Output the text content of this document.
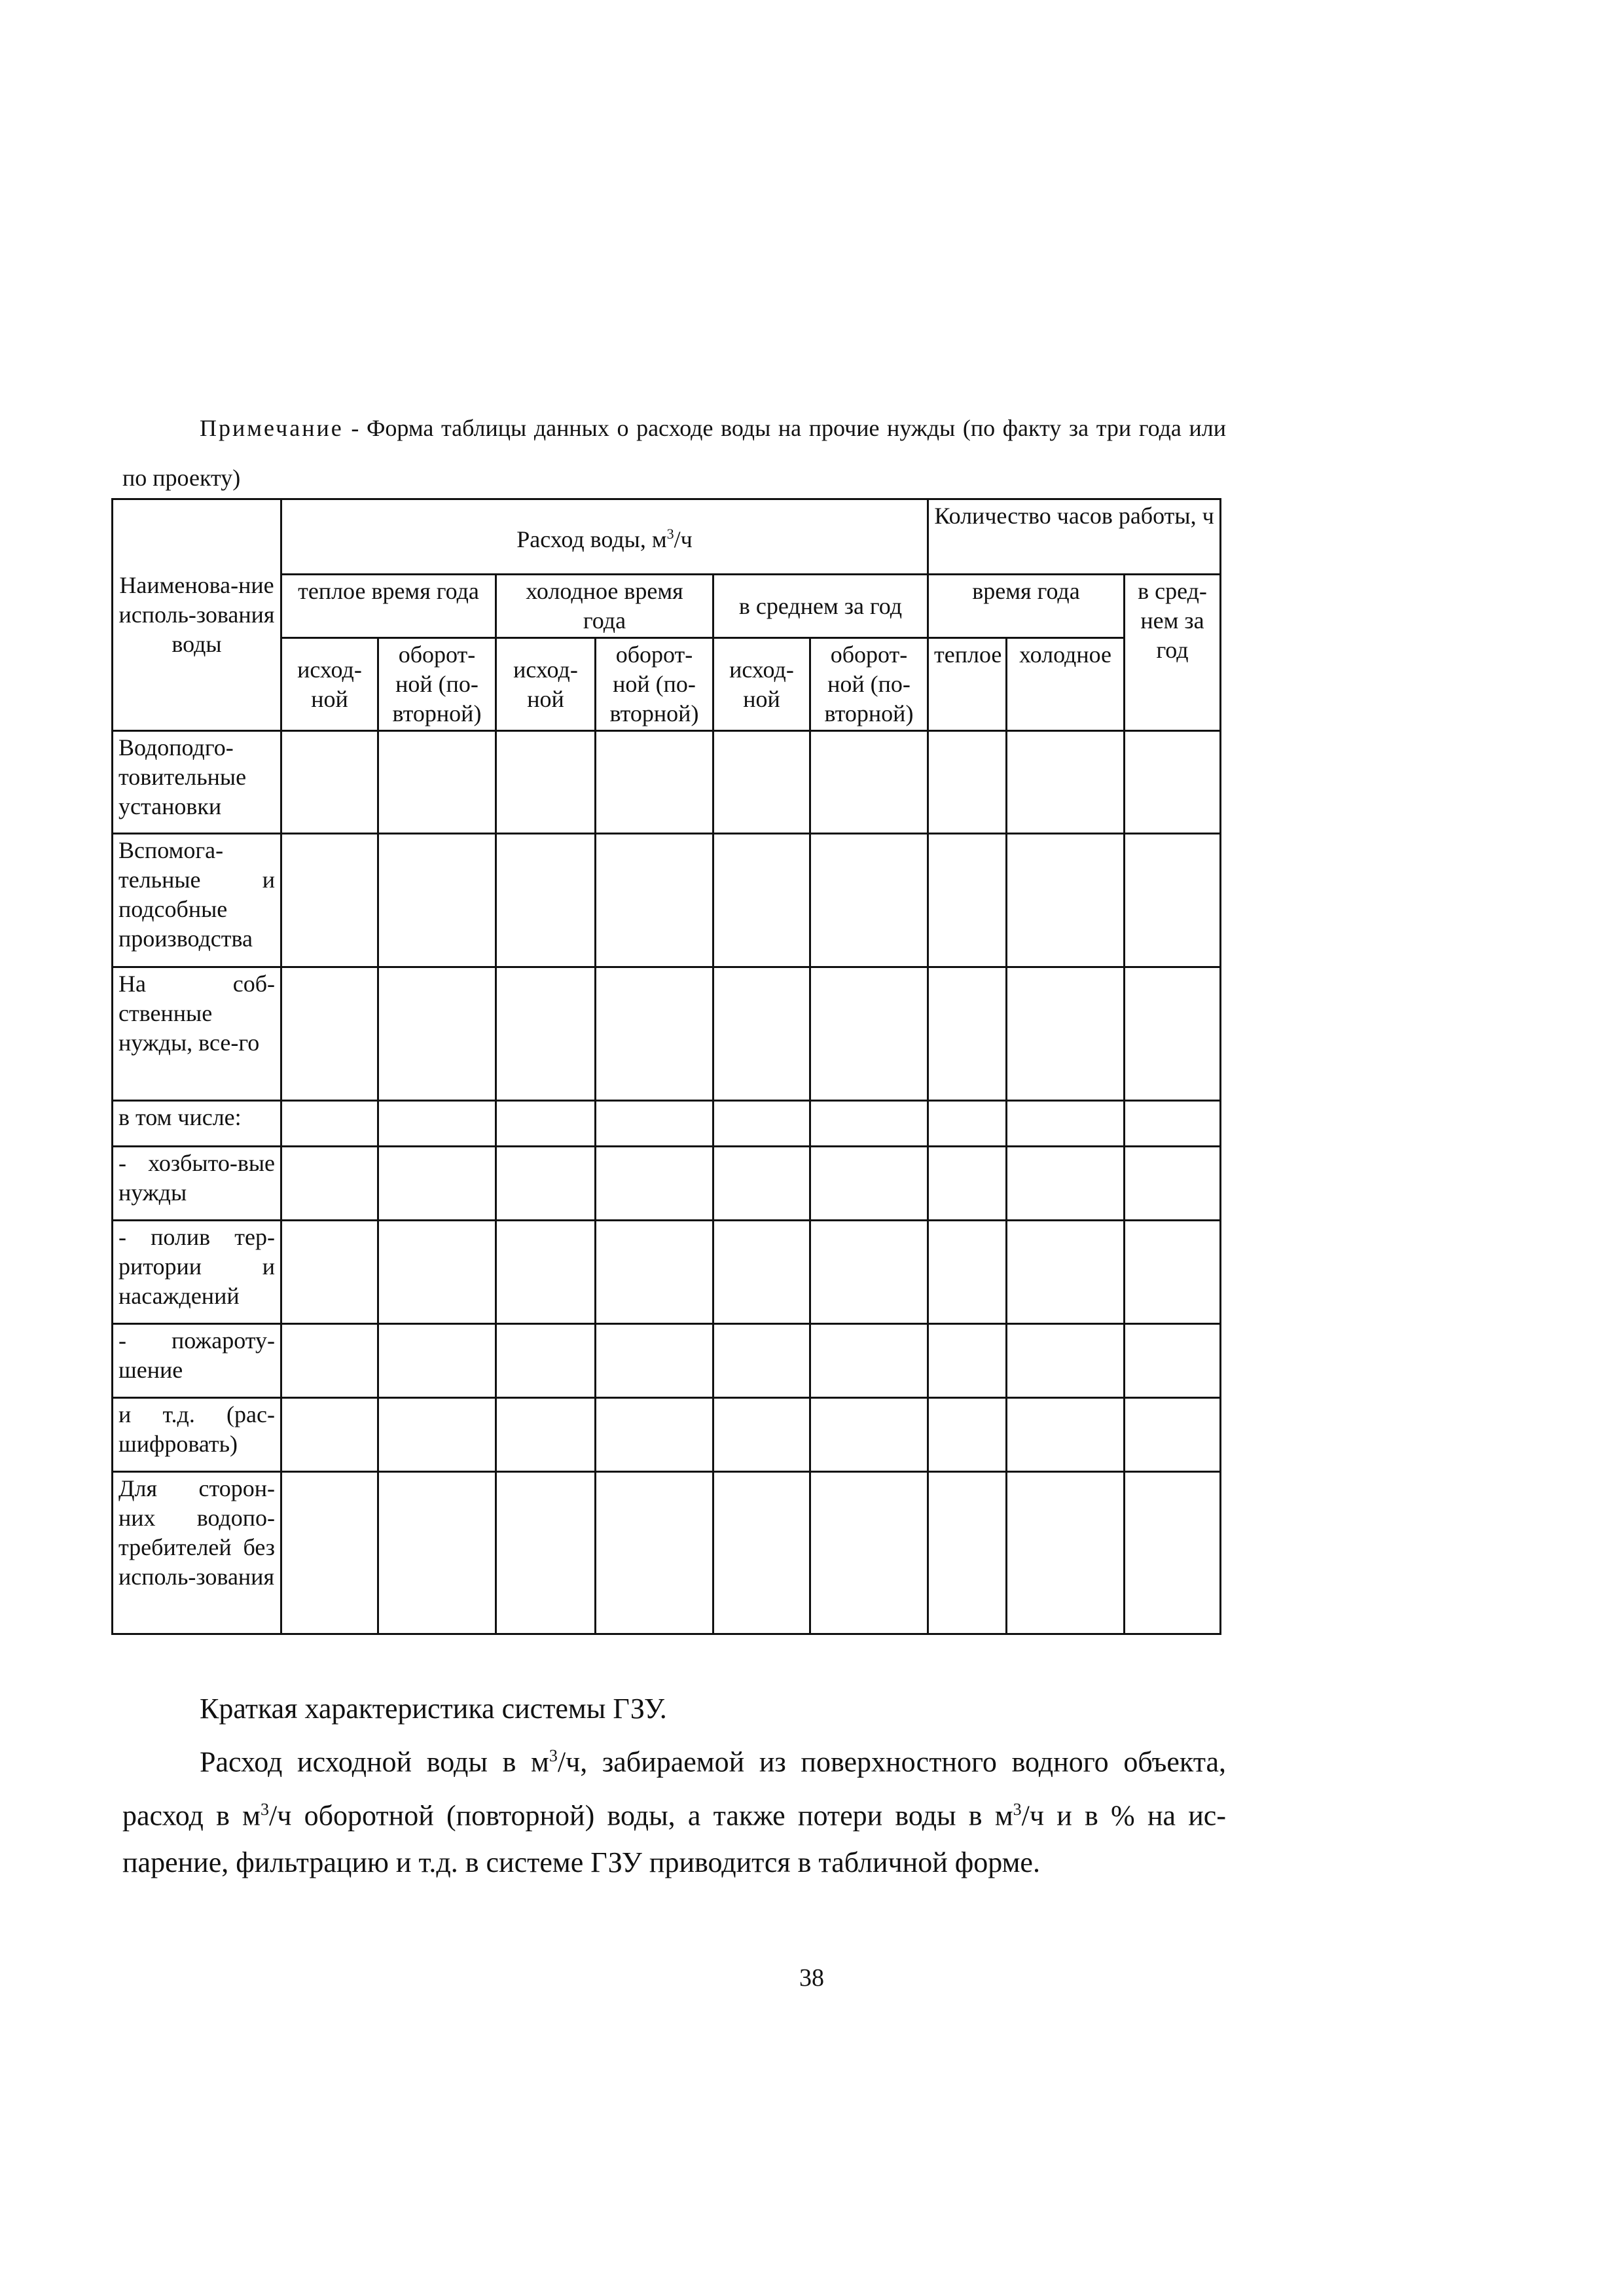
Примечание - Форма таблицы данных о расходе воды на прочие нужды (по факту за три года или по проекту)
Наименова-ние исполь-зования воды	Расход воды, $м^3/ч$						Количество часов работы, ч		
	теплое время года		холодное время года		в среднем за год		время года		в сред-нем за год
	исход-ной	оборот-ной (по-вторной)	исход-ной	оборот-ной (по-вторной)	исход-ной	оборот-ной (по-вторной)	теплое	холодное	
Водоподго-товительные установки									
Вспомога-тельные и подсобные производства									
На соб-ственные нужды, все-го									
в том числе:									
- хозбыто-вые нужды									
- полив тер-ритории и насаждений									
- пожароту-шение									
и т.д. (рас-шифровать)									
Для сторон-них водопо-требителей без исполь-зования									

Краткая характеристика системы ГЗУ.

Расход исходной воды в $м^3/ч$, забираемой из поверхностного водного объекта, расход в $м^3/ч$ оборотной (повторной) воды, а также потери воды в $м^3/ч$ и в % на ис-парение, фильтрацию и т.д. в системе ГЗУ приводится в табличной форме.

38
